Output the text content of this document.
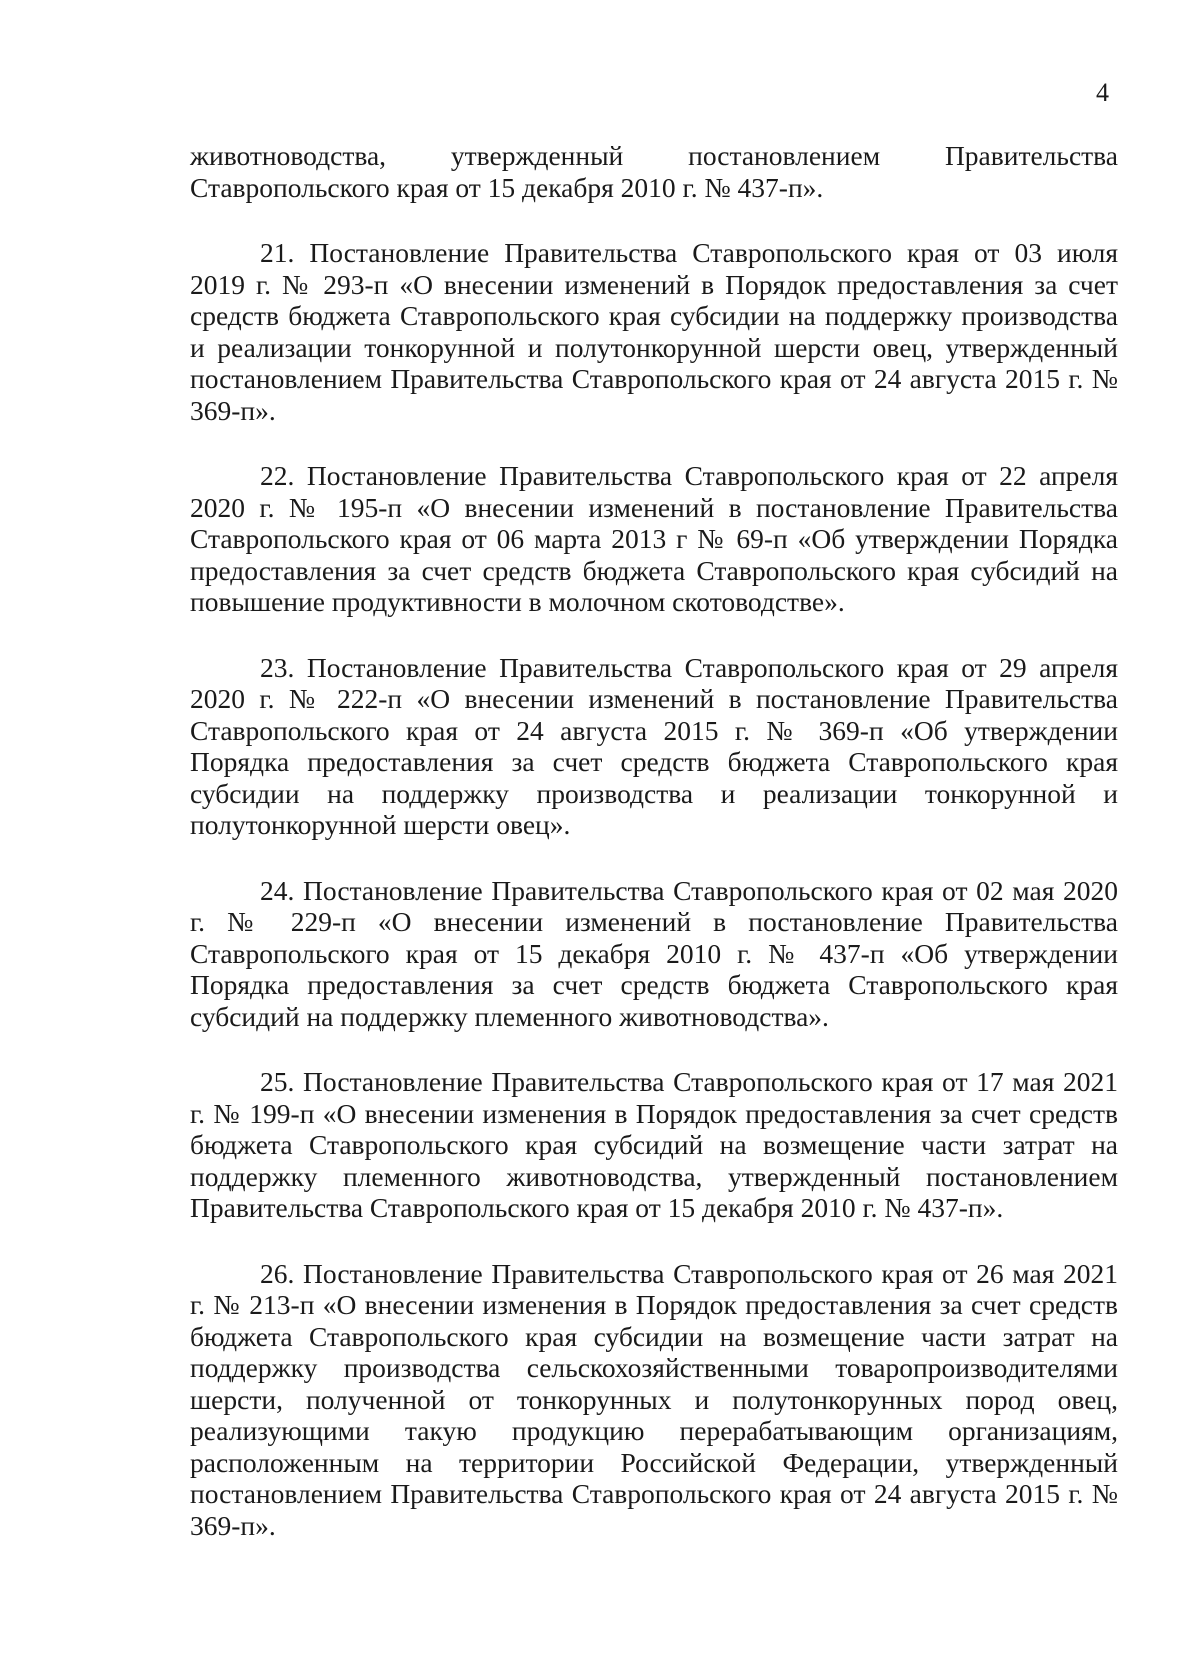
4

животноводства, утвержденный постановлением Правительства Ставропольского края от 15 декабря 2010 г. № 437-п».

21. Постановление Правительства Ставропольского края от 03 июля 2019 г. № 293-п «О внесении изменений в Порядок предоставления за счет средств бюджета Ставропольского края субсидии на поддержку производства и реализации тонкорунной и полутонкорунной шерсти овец, утвержденный постановлением Правительства Ставропольского края от 24 августа 2015 г. № 369-п».

22. Постановление Правительства Ставропольского края от 22 апреля 2020 г. № 195-п «О внесении изменений в постановление Правительства Ставропольского края от 06 марта 2013 г № 69-п «Об утверждении Порядка предоставления за счет средств бюджета Ставропольского края субсидий на повышение продуктивности в молочном скотоводстве».

23. Постановление Правительства Ставропольского края от 29 апреля 2020 г. № 222-п «О внесении изменений в постановление Правительства Ставропольского края от 24 августа 2015 г. № 369-п «Об утверждении Порядка предоставления за счет средств бюджета Ставропольского края субсидии на поддержку производства и реализации тонкорунной и полутонкорунной шерсти овец».

24. Постановление Правительства Ставропольского края от 02 мая 2020 г. № 229-п «О внесении изменений в постановление Правительства Ставропольского края от 15 декабря 2010 г. № 437-п «Об утверждении Порядка предоставления за счет средств бюджета Ставропольского края субсидий на поддержку племенного животноводства».

25. Постановление Правительства Ставропольского края от 17 мая 2021 г. № 199-п «О внесении изменения в Порядок предоставления за счет средств бюджета Ставропольского края субсидий на возмещение части затрат на поддержку племенного животноводства, утвержденный постановлением Правительства Ставропольского края от 15 декабря 2010 г. № 437-п».

26. Постановление Правительства Ставропольского края от 26 мая 2021 г. № 213-п «О внесении изменения в Порядок предоставления за счет средств бюджета Ставропольского края субсидии на возмещение части затрат на поддержку производства сельскохозяйственными товаропроизводителями шерсти, полученной от тонкорунных и полутонкорунных пород овец, реализующими такую продукцию перерабатывающим организациям, расположенным на территории Российской Федерации, утвержденный постановлением Правительства Ставропольского края от 24 августа 2015 г. № 369-п».
